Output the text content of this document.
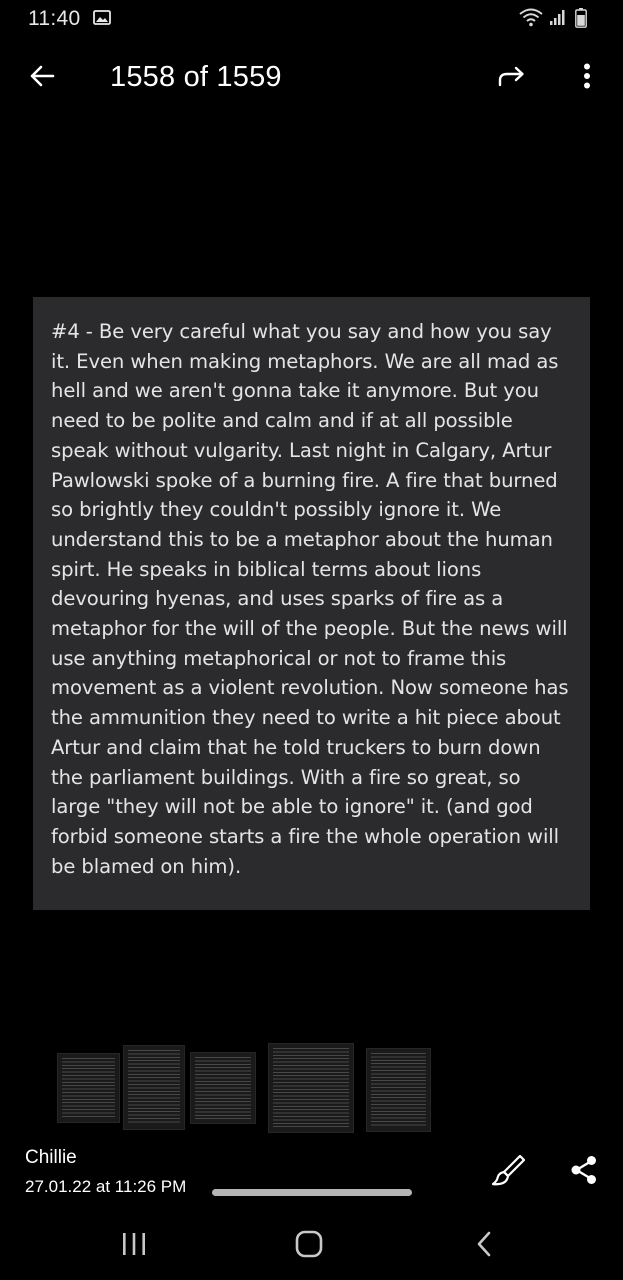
11:40
1558 of 1559

#4 - Be very careful what you say and how you say it. Even when making metaphors. We are all mad as hell and we aren't gonna take it anymore. But you need to be polite and calm and if at all possible speak without vulgarity. Last night in Calgary, Artur Pawlowski spoke of a burning fire. A fire that burned so brightly they couldn't possibly ignore it. We understand this to be a metaphor about the human spirt. He speaks in biblical terms about lions devouring hyenas, and uses sparks of fire as a metaphor for the will of the people. But the news will use anything metaphorical or not to frame this movement as a violent revolution. Now someone has the ammunition they need to write a hit piece about Artur and claim that he told truckers to burn down the parliament buildings. With a fire so great, so large "they will not be able to ignore" it. (and god forbid someone starts a fire the whole operation will be blamed on him).

Chillie
27.01.22 at 11:26 PM
